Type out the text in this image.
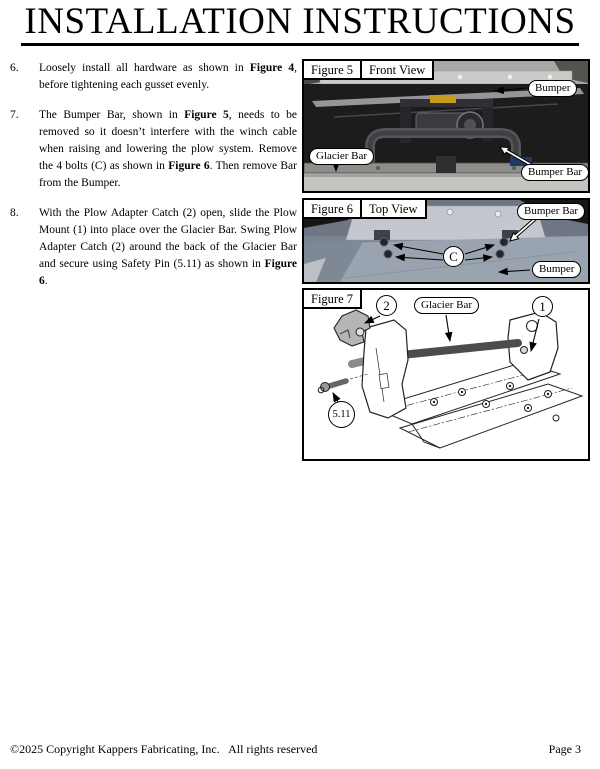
INSTALLATION INSTRUCTIONS
6.	Loosely install all hardware as shown in Figure 4, before tightening each gusset evenly.
7.	The Bumper Bar, shown in Figure 5, needs to be removed so it doesn’t interfere with the winch cable when raising and lowering the plow system. Remove the 4 bolts (C) as shown in Figure 6. Then remove Bar from the Bumper.
8.	With the Plow Adapter Catch (2) open, slide the Plow Mount (1) into place over the Glacier Bar. Swing Plow Adapter Catch (2) around the back of the Glacier Bar and secure using Safety Pin (5.11) as shown in Figure 6.
Figure 5	Front View
Bumper
Glacier Bar
Bumper Bar
Figure 6	Top View	Bumper Bar
C
Bumper
Figure 7	2	Glacier Bar	1
5.11
©2025 Copyright Kappers Fabricating, Inc.   All rights reserved	Page 3
